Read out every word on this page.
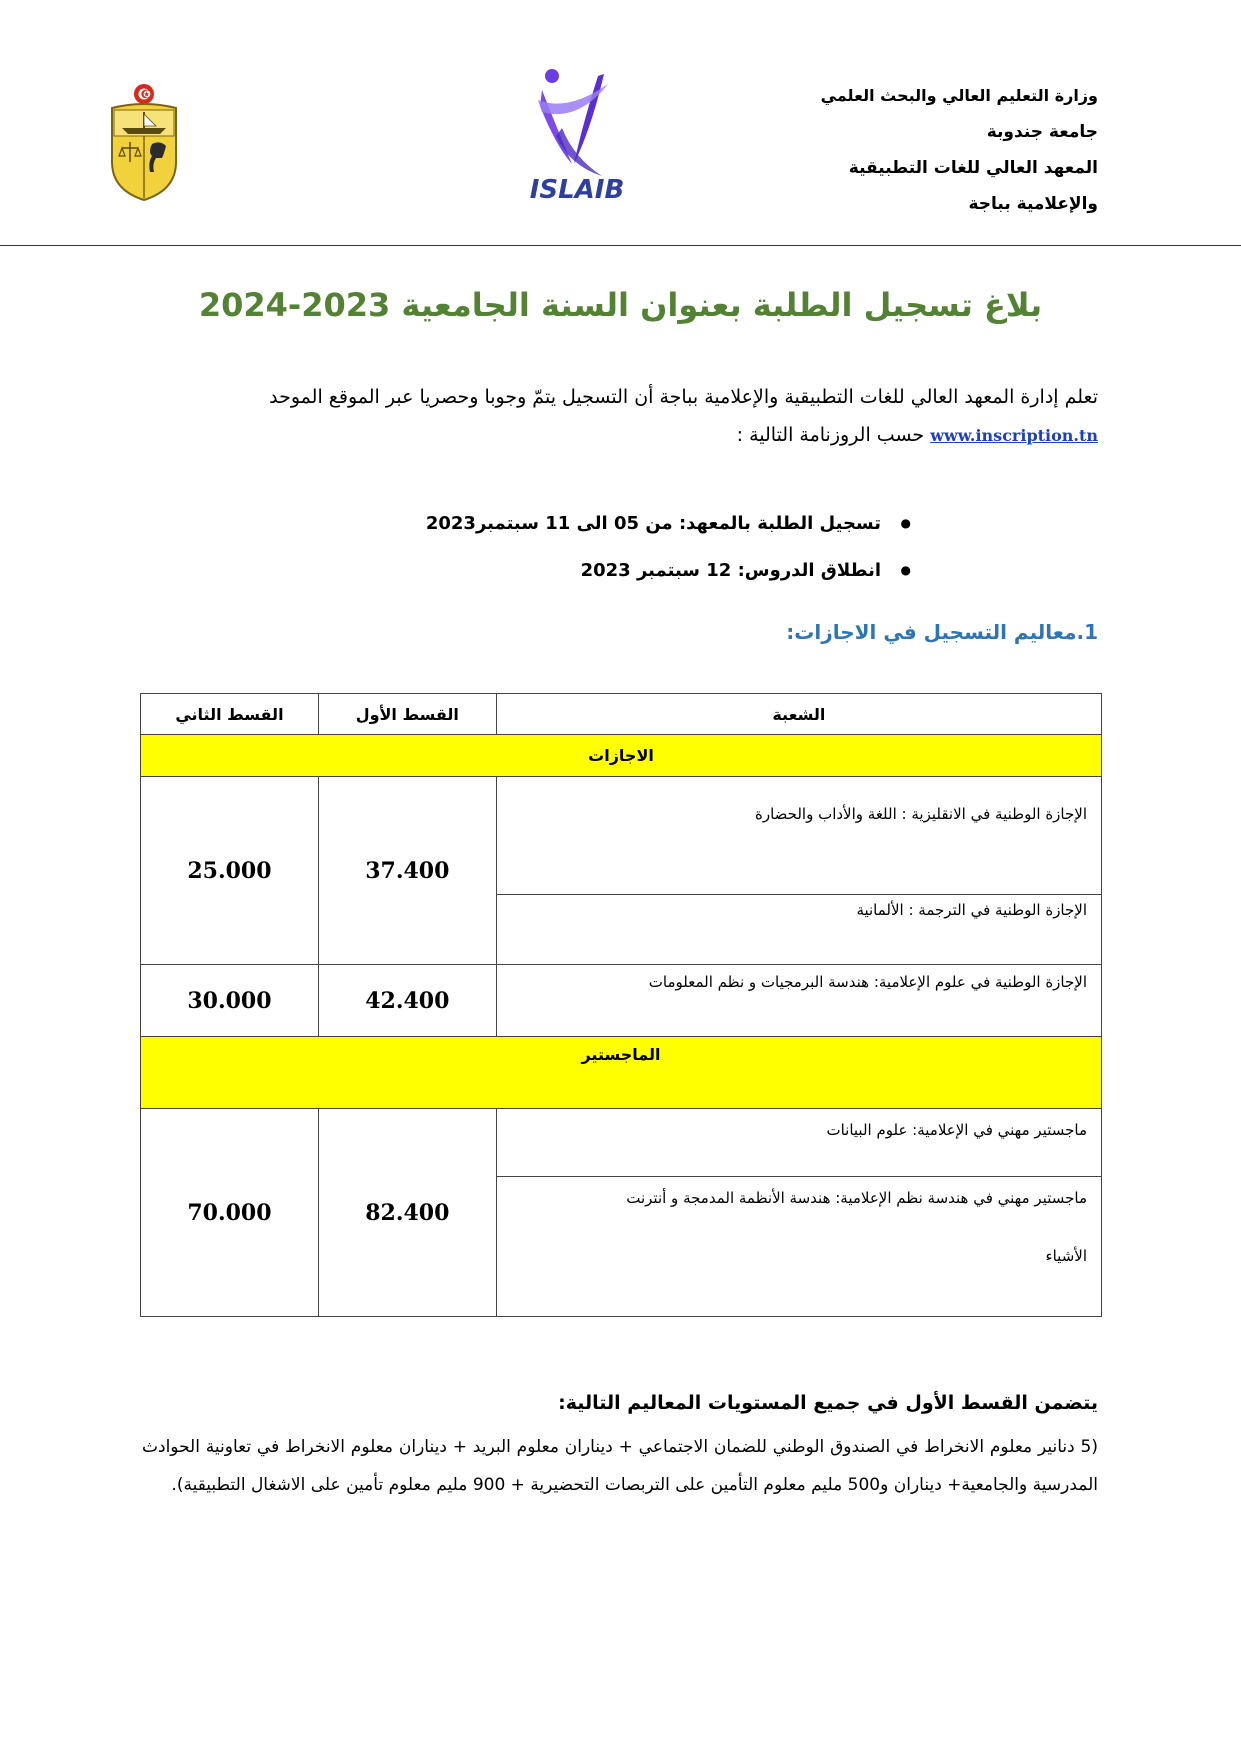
ISLAIB
وزارة التعليم العالي والبحث العلمي
جامعة جندوبة
المعهد العالي للغات التطبيقية
والإعلامية بباجة
بلاغ تسجيل الطلبة بعنوان السنة الجامعية 2023-2024
تعلم إدارة المعهد العالي للغات التطبيقية والإعلامية بباجة أن التسجيل يتمّ وجوبا وحصريا عبر الموقع الموحد www.inscription.tn حسب الروزنامة التالية :
● تسجيل الطلبة بالمعهد: من 05 الى 11 سبتمبر2023
● انطلاق الدروس: 12 سبتمبر 2023
1.معاليم التسجيل في الاجازات:
الشعبة	القسط الأول	القسط الثاني
الاجازات		
الإجازة الوطنية في الانقليزية : اللغة والأداب والحضارة	37.400	25.000
الإجازة الوطنية في الترجمة : الألمانية		
الإجازة الوطنية في علوم الإعلامية: هندسة البرمجيات و نظم المعلومات	42.400	30.000
الماجستير		
ماجستير مهني في الإعلامية: علوم البيانات	82.400	70.000

ماجستير مهني في هندسة نظم الإعلامية: هندسة الأنظمة المدمجة و أنترنت

الأشياء		

يتضمن القسط الأول في جميع المستويات المعاليم التالية:
(5 دنانير معلوم الانخراط في الصندوق الوطني للضمان الاجتماعي + ديناران معلوم البريد + ديناران معلوم الانخراط في تعاونية الحوادث المدرسية والجامعية+ ديناران و500 مليم معلوم التأمين على التربصات التحضيرية + 900 مليم معلوم تأمين على الاشغال التطبيقية).
